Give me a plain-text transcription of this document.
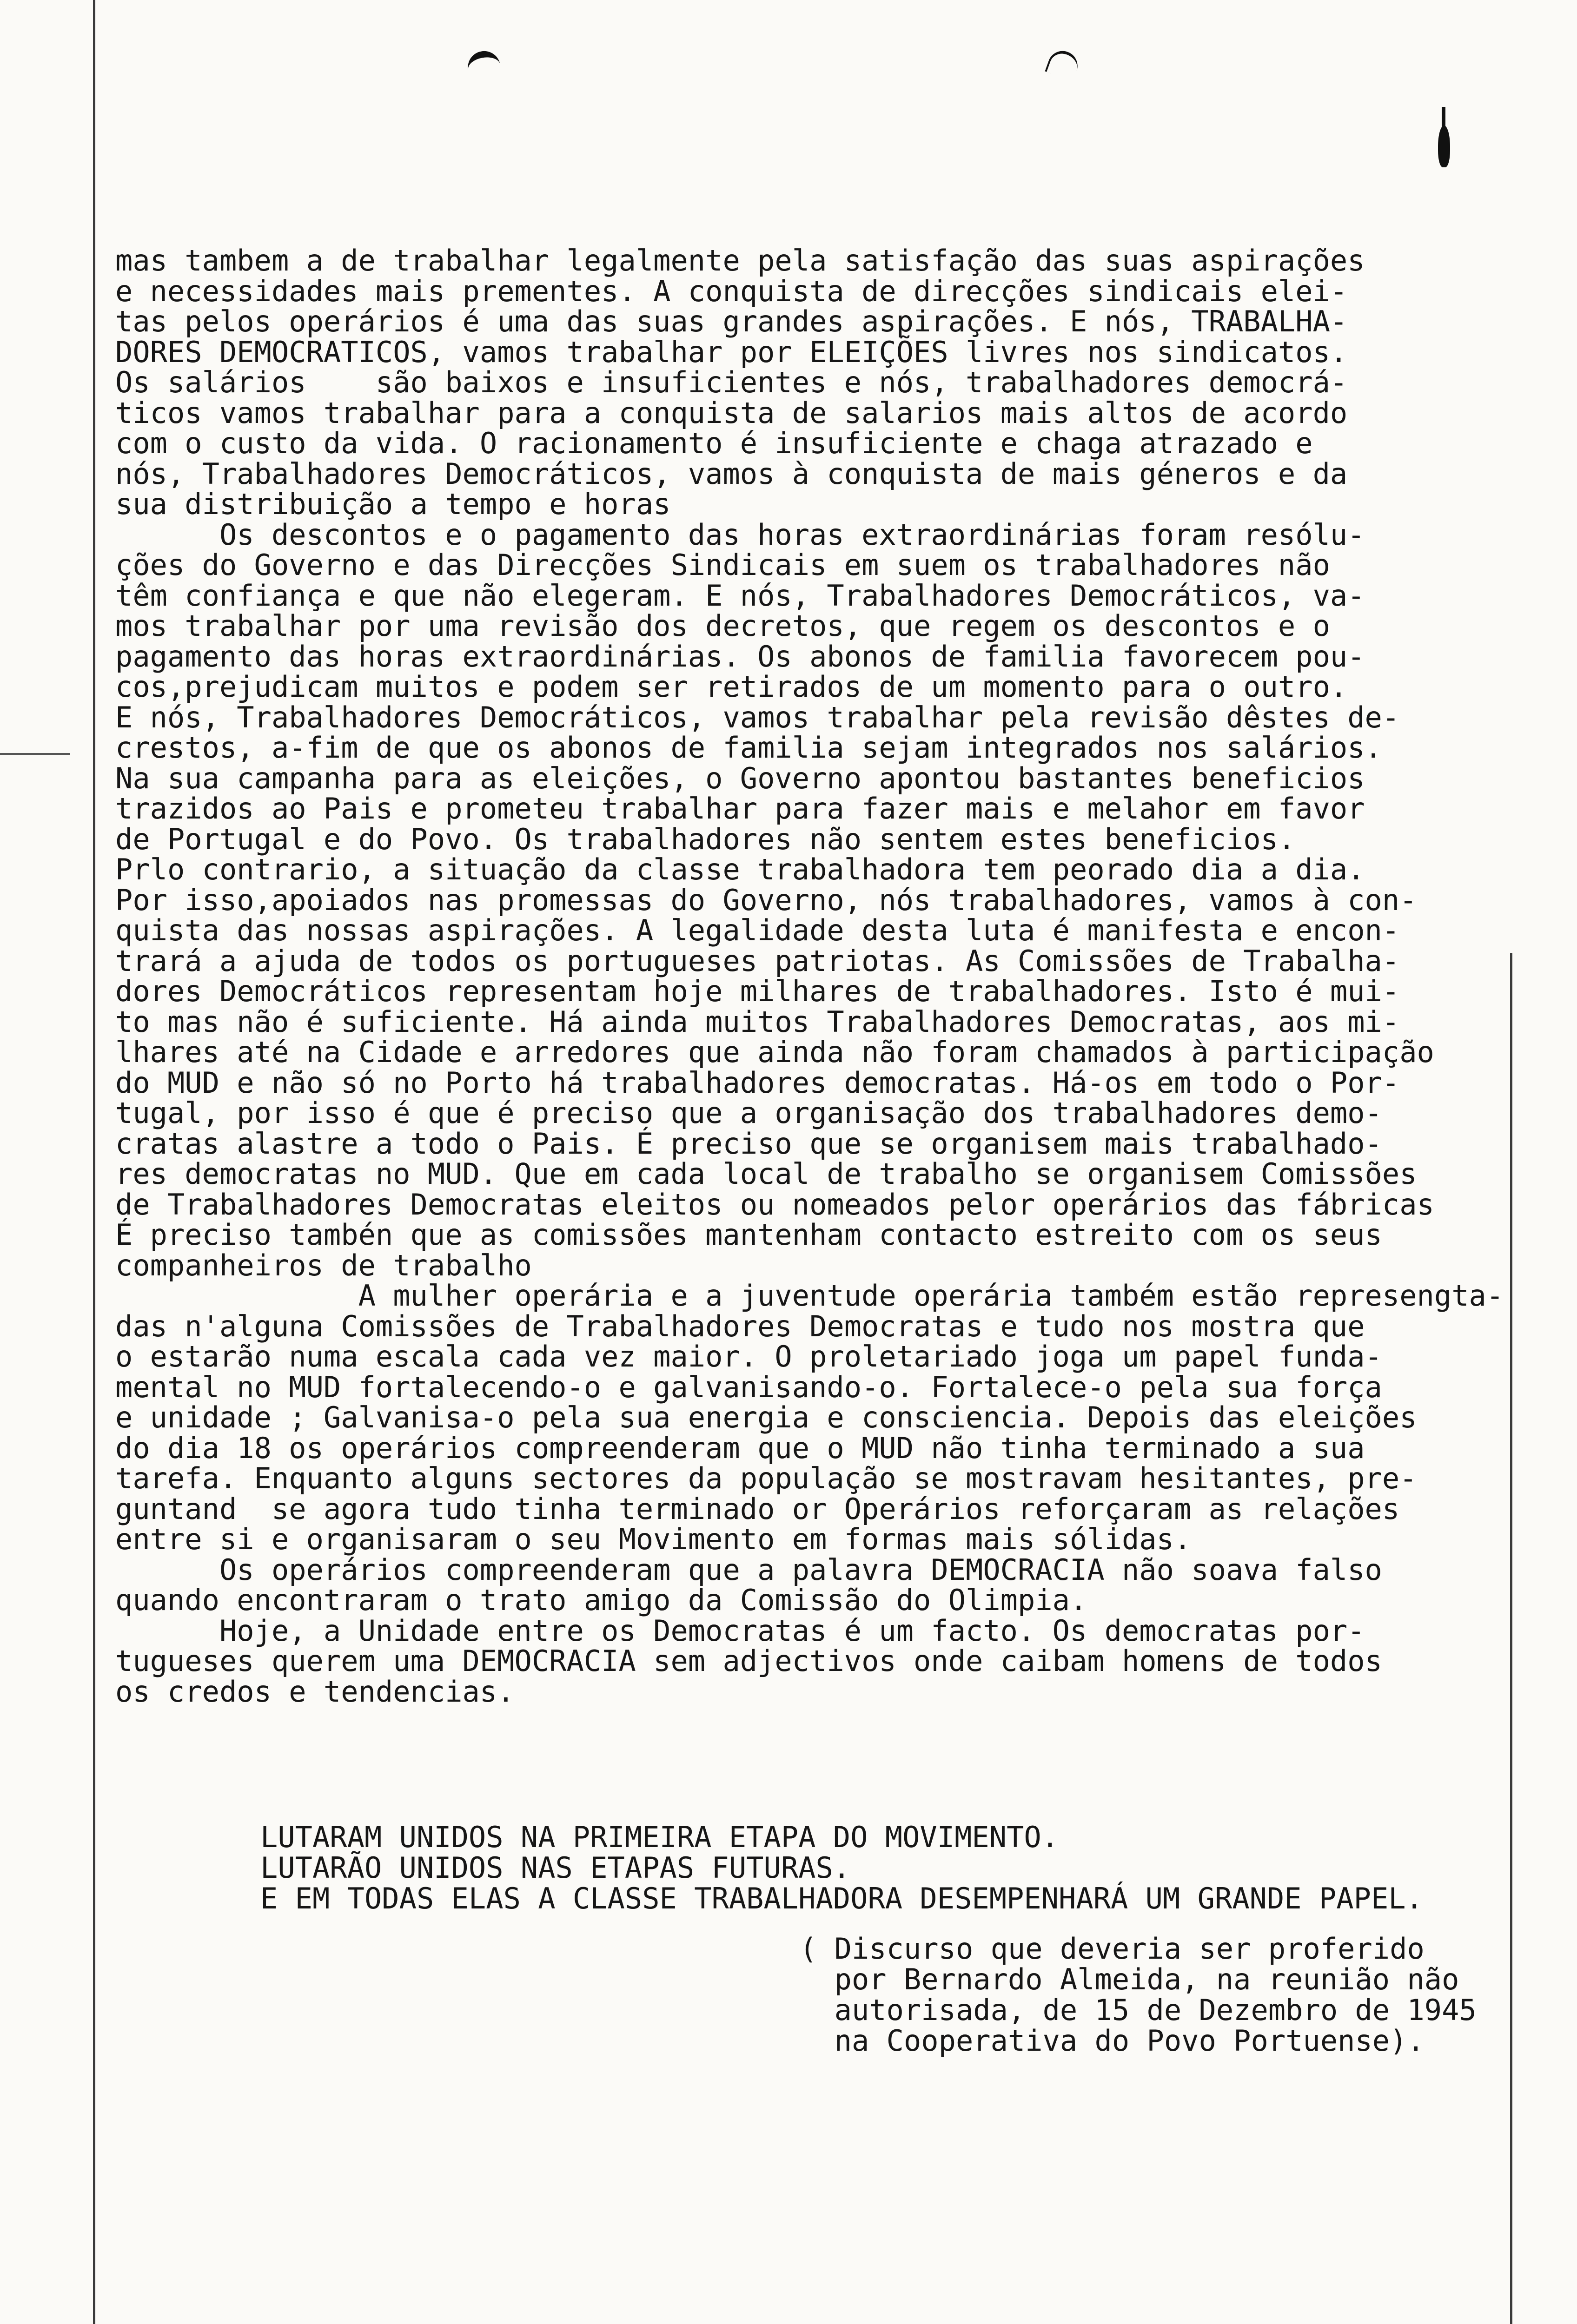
mas tambem a de trabalhar legalmente pela satisfação das suas aspirações
e necessidades mais prementes. A conquista de direcções sindicais elei-
tas pelos operários é uma das suas grandes aspirações. E nós, TRABALHA-
DORES DEMOCRATICOS, vamos trabalhar por ELEIÇÕES livres nos sindicatos.
Os salários    são baixos e insuficientes e nós, trabalhadores democrá-
ticos vamos trabalhar para a conquista de salarios mais altos de acordo
com o custo da vida. O racionamento é insuficiente e chaga atrazado e
nós, Trabalhadores Democráticos, vamos à conquista de mais géneros e da
sua distribuição a tempo e horas
Os descontos e o pagamento das horas extraordinárias foram resólu-
ções do Governo e das Direcções Sindicais em suem os trabalhadores não
têm confiança e que não elegeram. E nós, Trabalhadores Democráticos, va-
mos trabalhar por uma revisão dos decretos, que regem os descontos e o
pagamento das horas extraordinárias. Os abonos de familia favorecem pou-
cos,prejudicam muitos e podem ser retirados de um momento para o outro.
E nós, Trabalhadores Democráticos, vamos trabalhar pela revisão dêstes de-
crestos, a-fim de que os abonos de familia sejam integrados nos salários.
Na sua campanha para as eleições, o Governo apontou bastantes beneficios
trazidos ao Pais e prometeu trabalhar para fazer mais e melahor em favor
de Portugal e do Povo. Os trabalhadores não sentem estes beneficios.
Prlo contrario, a situação da classe trabalhadora tem peorado dia a dia.
Por isso,apoiados nas promessas do Governo, nós trabalhadores, vamos à con-
quista das nossas aspirações. A legalidade desta luta é manifesta e encon-
trará a ajuda de todos os portugueses patriotas. As Comissões de Trabalha-
dores Democráticos representam hoje milhares de trabalhadores. Isto é mui-
to mas não é suficiente. Há ainda muitos Trabalhadores Democratas, aos mi-
lhares até na Cidade e arredores que ainda não foram chamados à participação
do MUD e não só no Porto há trabalhadores democratas. Há-os em todo o Por-
tugal, por isso é que é preciso que a organisação dos trabalhadores demo-
cratas alastre a todo o Pais. É preciso que se organisem mais trabalhado-
res democratas no MUD. Que em cada local de trabalho se organisem Comissões
de Trabalhadores Democratas eleitos ou nomeados pelor operários das fábricas
É preciso tambén que as comissões mantenham contacto estreito com os seus
companheiros de trabalho
A mulher operária e a juventude operária também estão represengta-
das n'alguna Comissões de Trabalhadores Democratas e tudo nos mostra que
o estarão numa escala cada vez maior. O proletariado joga um papel funda-
mental no MUD fortalecendo-o e galvanisando-o. Fortalece-o pela sua força
e unidade ; Galvanisa-o pela sua energia e consciencia. Depois das eleições
do dia 18 os operários compreenderam que o MUD não tinha terminado a sua
tarefa. Enquanto alguns sectores da população se mostravam hesitantes, pre-
guntand  se agora tudo tinha terminado or Operários reforçaram as relações
entre si e organisaram o seu Movimento em formas mais sólidas.
Os operários compreenderam que a palavra DEMOCRACIA não soava falso
quando encontraram o trato amigo da Comissão do Olimpia.
Hoje, a Unidade entre os Democratas é um facto. Os democratas por-
tugueses querem uma DEMOCRACIA sem adjectivos onde caibam homens de todos
os credos e tendencias.
LUTARAM UNIDOS NA PRIMEIRA ETAPA DO MOVIMENTO.
LUTARÃO UNIDOS NAS ETAPAS FUTURAS.
E EM TODAS ELAS A CLASSE TRABALHADORA DESEMPENHARÁ UM GRANDE PAPEL.
( Discurso que deveria ser proferido
por Bernardo Almeida, na reunião não
autorisada, de 15 de Dezembro de 1945
na Cooperativa do Povo Portuense).
